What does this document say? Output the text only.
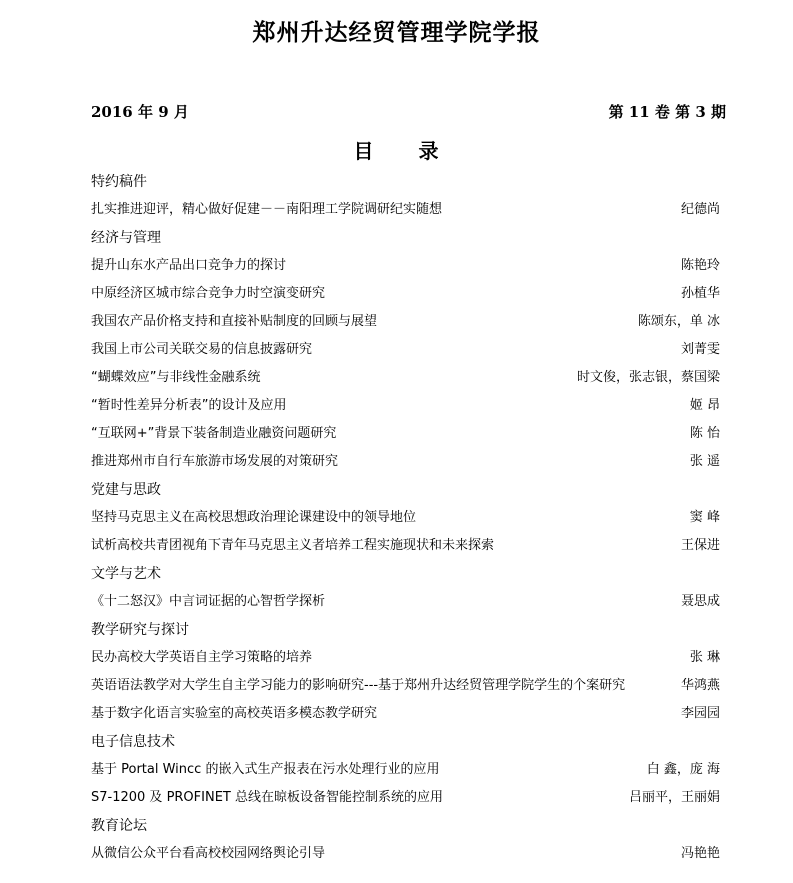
郑州升达经贸管理学院学报
2016 年 9 月	第 11 卷 第 3 期
目 录
特约稿件
扎实推进迎评，精心做好促建－－南阳理工学院调研纪实随想	纪德尚
经济与管理
提升山东水产品出口竞争力的探讨	陈艳玲
中原经济区城市综合竞争力时空演变研究	孙植华
我国农产品价格支持和直接补贴制度的回顾与展望	陈颂东，单 冰
我国上市公司关联交易的信息披露研究	刘菁雯
“蝴蝶效应”与非线性金融系统	时文俊，张志银，蔡国梁
“暂时性差异分析表”的设计及应用	姬 昂
“互联网+”背景下装备制造业融资问题研究	陈 怡
推进郑州市自行车旅游市场发展的对策研究	张 遥
党建与思政
坚持马克思主义在高校思想政治理论课建设中的领导地位	窦 峰
试析高校共青团视角下青年马克思主义者培养工程实施现状和未来探索	王保进
文学与艺术
《十二怒汉》中言词证据的心智哲学探析	聂思成
教学研究与探讨
民办高校大学英语自主学习策略的培养	张 琳
英语语法教学对大学生自主学习能力的影响研究---基于郑州升达经贸管理学院学生的个案研究	华鸿燕
基于数字化语言实验室的高校英语多模态教学研究	李园园
电子信息技术
基于 Portal Wincc 的嵌入式生产报表在污水处理行业的应用	白 鑫，庞 海
S7-1200 及 PROFINET 总线在晾板设备智能控制系统的应用	吕丽平，王丽娟
教育论坛
从微信公众平台看高校校园网络舆论引导	冯艳艳
